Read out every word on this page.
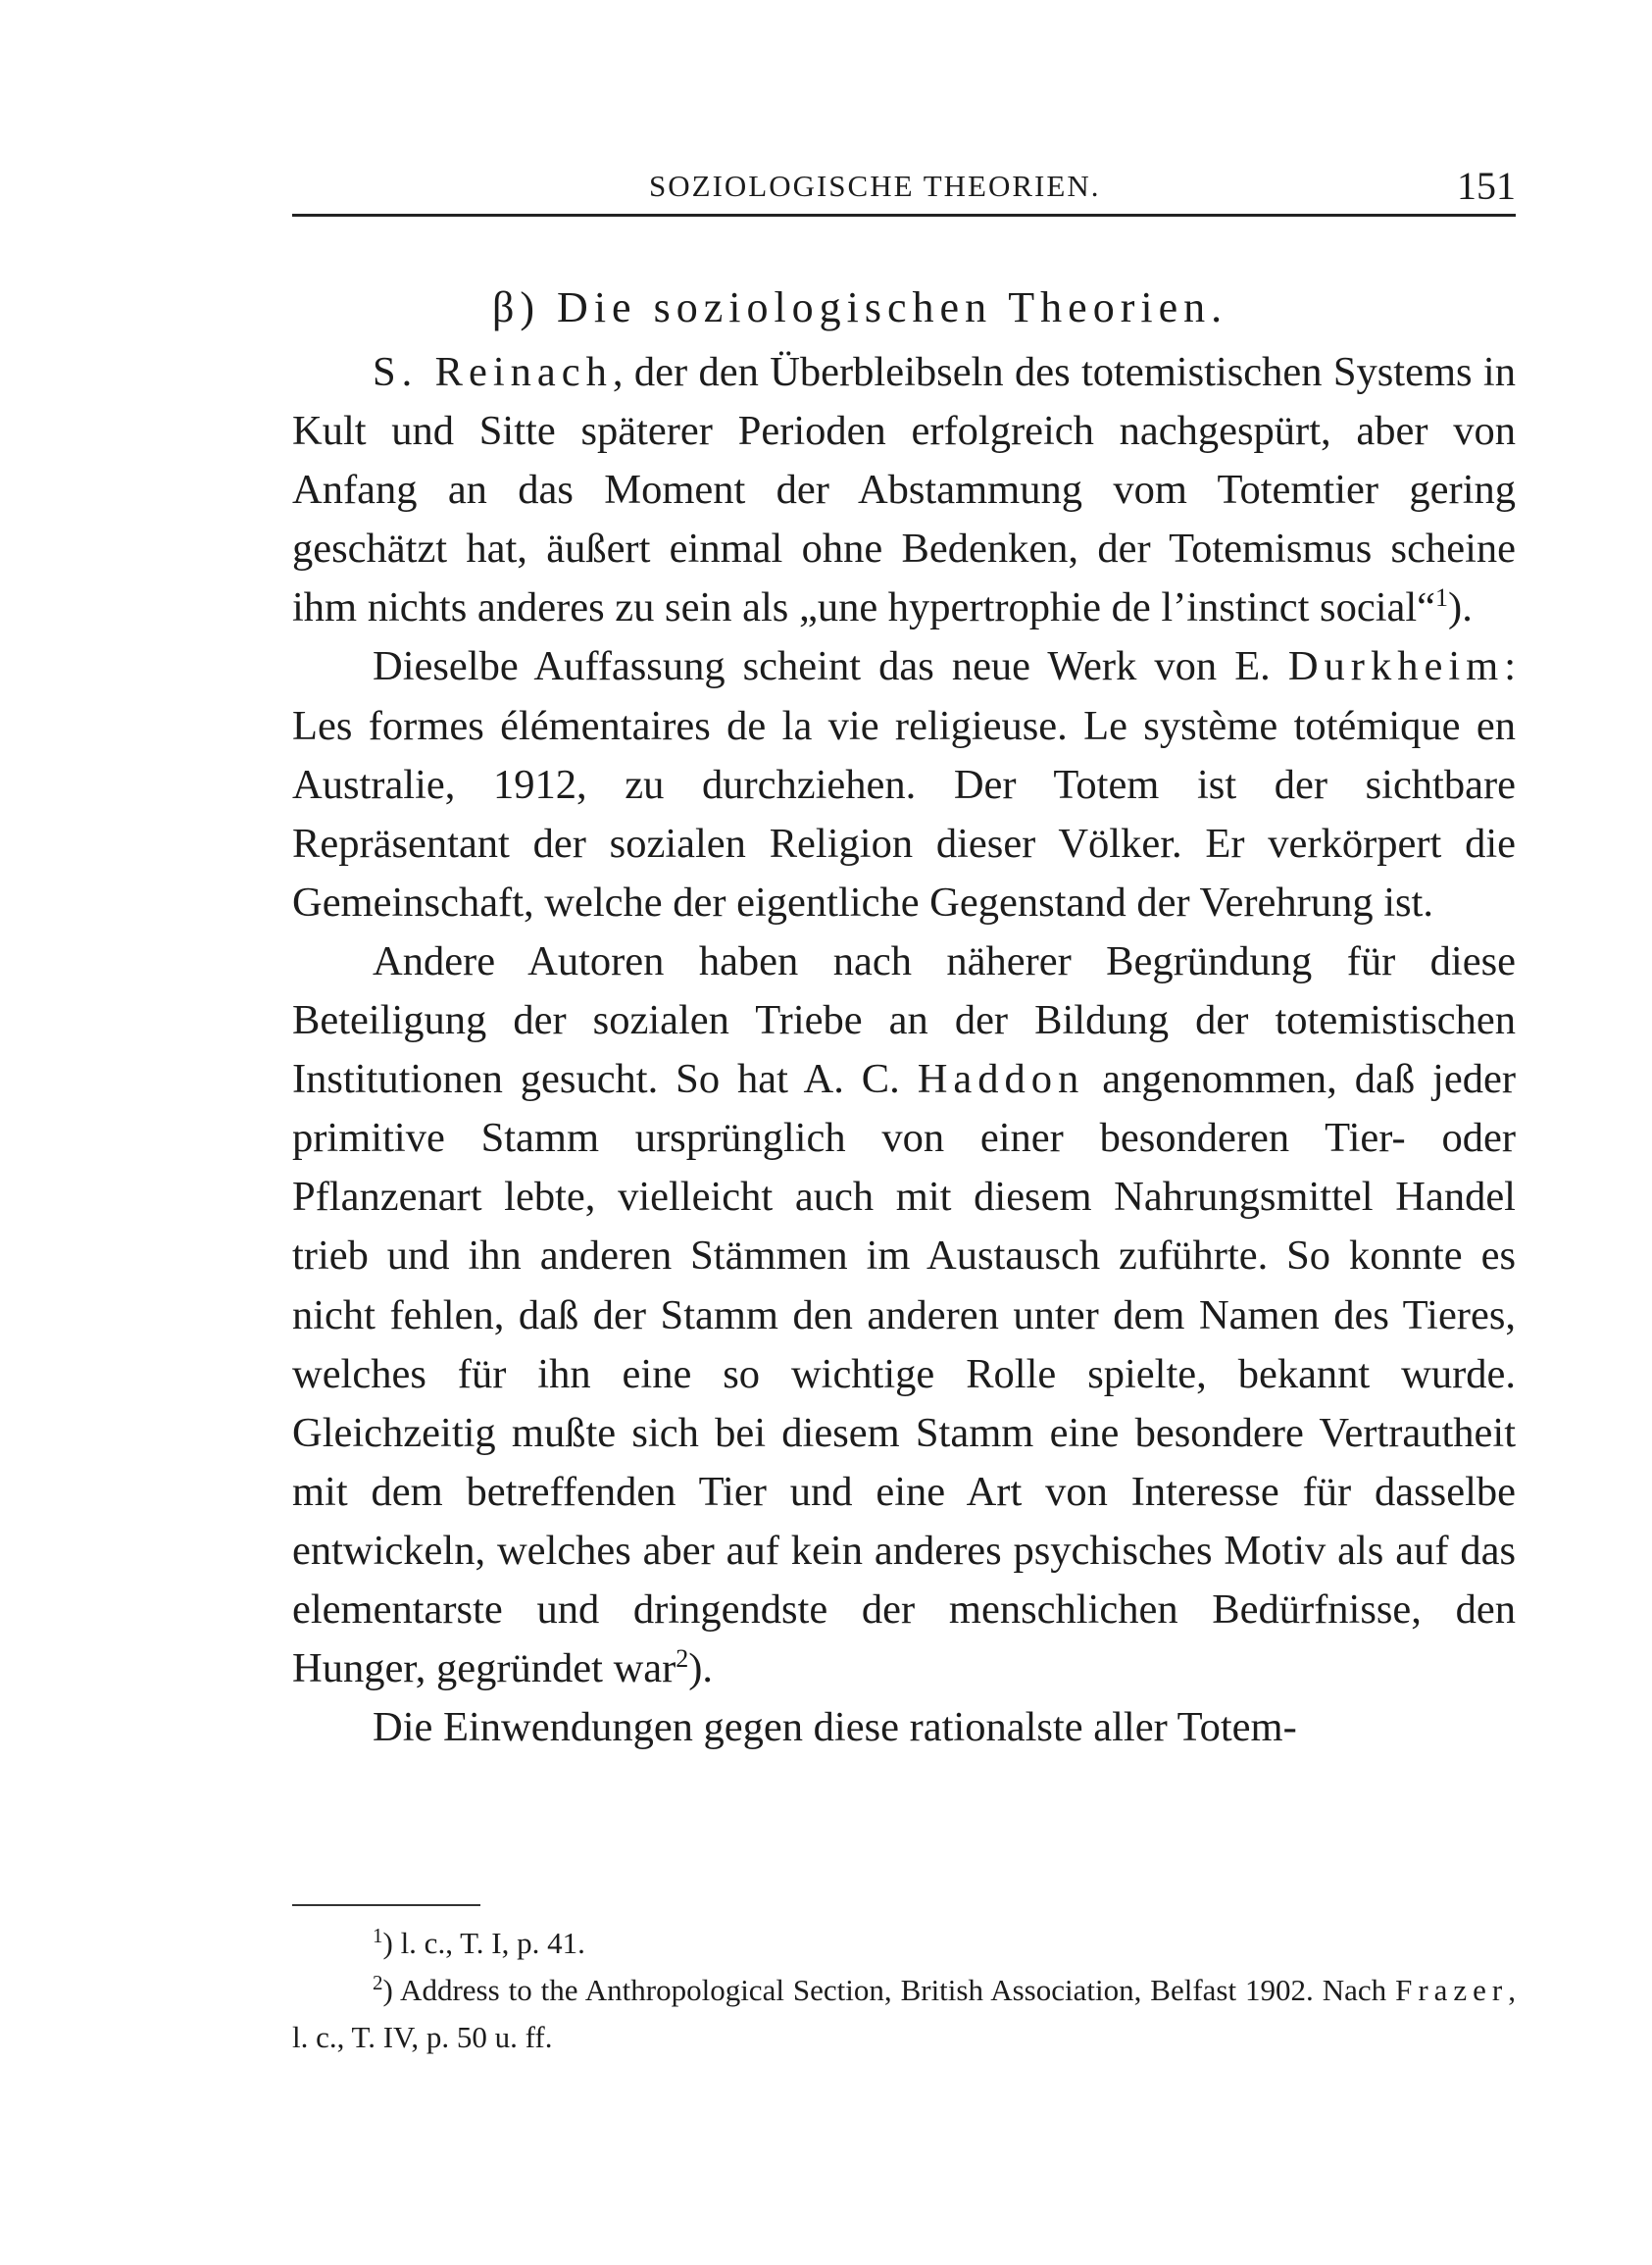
SOZIOLOGISCHE THEORIEN.	151
β) Die soziologischen Theorien.

S. Reinach, der den Überbleibseln des totemistischen Systems in Kult und Sitte späterer Perioden erfolgreich nachgespürt, aber von Anfang an das Moment der Abstammung vom Totemtier gering geschätzt hat, äußert einmal ohne Bedenken, der Totemismus scheine ihm nichts anderes zu sein als „une hypertrophie de l’instinct social“$^1$).

Dieselbe Auffassung scheint das neue Werk von E. Durkheim: Les formes élémentaires de la vie religieuse. Le système totémique en Australie, 1912, zu durchziehen. Der Totem ist der sichtbare Repräsentant der sozialen Religion dieser Völker. Er verkörpert die Gemeinschaft, welche der eigentliche Gegenstand der Verehrung ist.

Andere Autoren haben nach näherer Begründung für diese Beteiligung der sozialen Triebe an der Bildung der totemistischen Institutionen gesucht. So hat A. C. Haddon angenommen, daß jeder primitive Stamm ursprünglich von einer besonderen Tier- oder Pflanzenart lebte, vielleicht auch mit diesem Nahrungsmittel Handel trieb und ihn anderen Stämmen im Austausch zuführte. So konnte es nicht fehlen, daß der Stamm den anderen unter dem Namen des Tieres, welches für ihn eine so wichtige Rolle spielte, bekannt wurde. Gleichzeitig mußte sich bei diesem Stamm eine besondere Vertrautheit mit dem betreffenden Tier und eine Art von Interesse für dasselbe entwickeln, welches aber auf kein anderes psychisches Motiv als auf das elementarste und dringendste der menschlichen Bedürfnisse, den Hunger, gegründet war$^2$).

Die Einwendungen gegen diese rationalste aller Totem-

$^1$) l. c., T. I, p. 41.

$^2$) Address to the Anthropological Section, British Association, Belfast 1902. Nach Frazer, l. c., T. IV, p. 50 u. ff.
